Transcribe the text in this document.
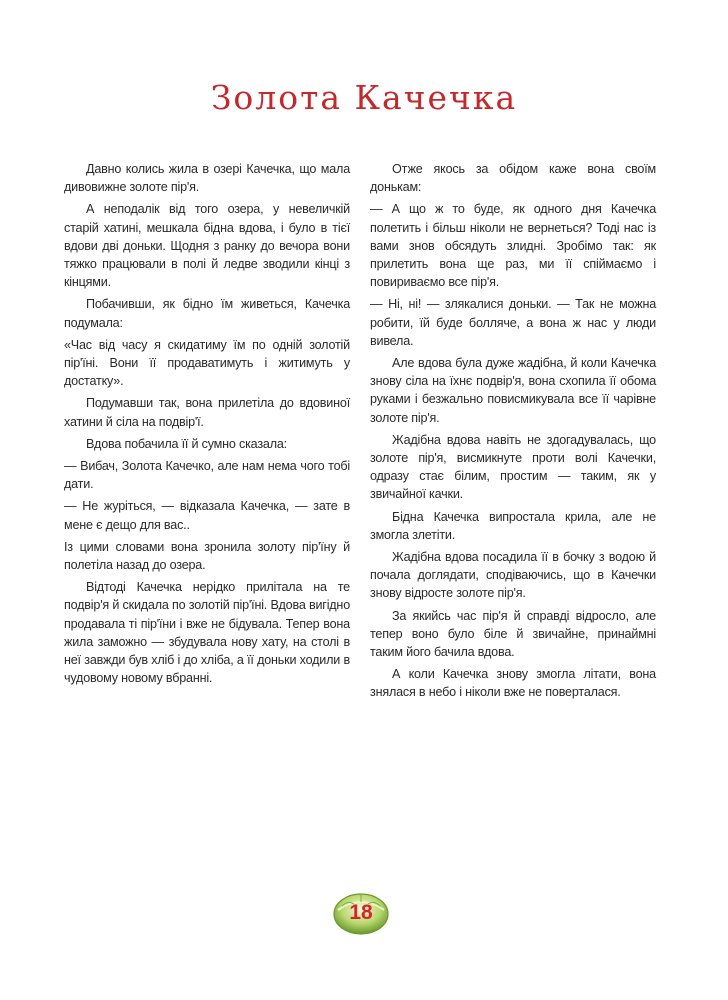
Золота Качечка

Давно колись жила в озері Качечка, що мала дивовижне золоте пір'я.

А неподалік від того озера, у невеличкій старій хатині, мешкала бідна вдова, і було в тієї вдови дві доньки. Щодня з ранку до вечора вони тяжко працювали в полі й ледве зводили кінці з кінцями.

Побачивши, як бідно їм живеться, Качечка подумала:

«Час від часу я скидатиму їм по одній золотій пір'їні. Вони її продаватимуть і житимуть у достатку».

Подумавши так, вона прилетіла до вдовиної хатини й сіла на подвір'ї.

Вдова побачила її й сумно сказала:

— Вибач, Золота Качечко, але нам нема чого тобі дати.

— Не журіться, — відказала Качечка, — зате в мене є дещо для вас..

Із цими словами вона зронила золоту пір'їну й полетіла назад до озера.

Відтоді Качечка нерідко прилітала на те подвір'я й скидала по золотій пір'їні. Вдова вигідно продавала ті пір'їни і вже не бідувала. Тепер вона жила заможно — збудувала нову хату, на столі в неї завжди був хліб і до хліба, а її доньки ходили в чудовому новому вбранні.

Отже якось за обідом каже вона своїм донькам:

— А що ж то буде, як одного дня Качечка полетить і більш ніколи не вернеться? Тоді нас із вами знов обсядуть злидні. Зробімо так: як прилетить вона ще раз, ми її спіймаємо і повириваємо все пір'я.

— Ні, ні! — злякалися доньки. — Так не можна робити, їй буде болляче, а вона ж нас у люди вивела.

Але вдова була дуже жадібна, й коли Качечка знову сіла на їхнє подвір'я, вона схопила її обома руками і безжально повисмикувала все її чарівне золоте пір'я.

Жадібна вдова навіть не здогадувалась, що золоте пір'я, висмикнуте проти волі Качечки, одразу стає білим, простим — таким, як у звичайної качки.

Бідна Качечка випростала крила, але не змогла злетіти.

Жадібна вдова посадила її в бочку з водою й почала доглядати, сподіваючись, що в Качечки знову відросте золоте пір'я.

За якийсь час пір'я й справді відросло, але тепер воно було біле й звичайне, принаймні таким його бачила вдова.

А коли Качечка знову змогла літати, вона знялася в небо і ніколи вже не поверталася.

18
